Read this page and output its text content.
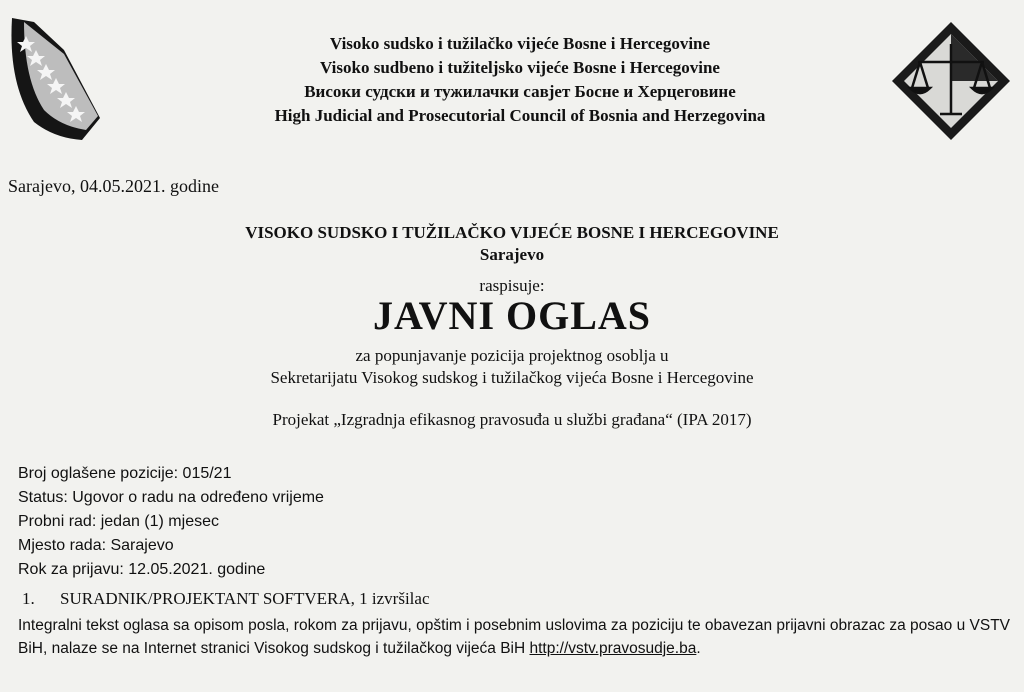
Visoko sudsko i tužilačko vijeće Bosne i Hercegovine
Visoko sudbeno i tužiteljsko vijeće Bosne i Hercegovine
Високи судски и тужилачки савјет Босне и Херцеговине
High Judicial and Prosecutorial Council of Bosnia and Herzegovina
Sarajevo, 04.05.2021. godine
VISOKO SUDSKO I TUŽILAČKO VIJEĆE BOSNE I HERCEGOVINE
Sarajevo
raspisuje:
JAVNI OGLAS
za popunjavanje pozicija projektnog osoblja u
Sekretarijatu Visokog sudskog i tužilačkog vijeća Bosne i Hercegovine
Projekat „Izgradnja efikasnog pravosuđa u službi građana“ (IPA 2017)
Broj oglašene pozicije: 015/21
Status: Ugovor o radu na određeno vrijeme
Probni rad: jedan (1) mjesec
Mjesto rada: Sarajevo
Rok za prijavu: 12.05.2021. godine
1. SURADNIK/PROJEKTANT SOFTVERA, 1 izvršilac
Integralni tekst oglasa sa opisom posla, rokom za prijavu, opštim i posebnim uslovima za poziciju te obavezan prijavni obrazac za posao u VSTV BiH, nalaze se na Internet stranici Visokog sudskog i tužilačkog vijeća BiH http://vstv.pravosudje.ba.
